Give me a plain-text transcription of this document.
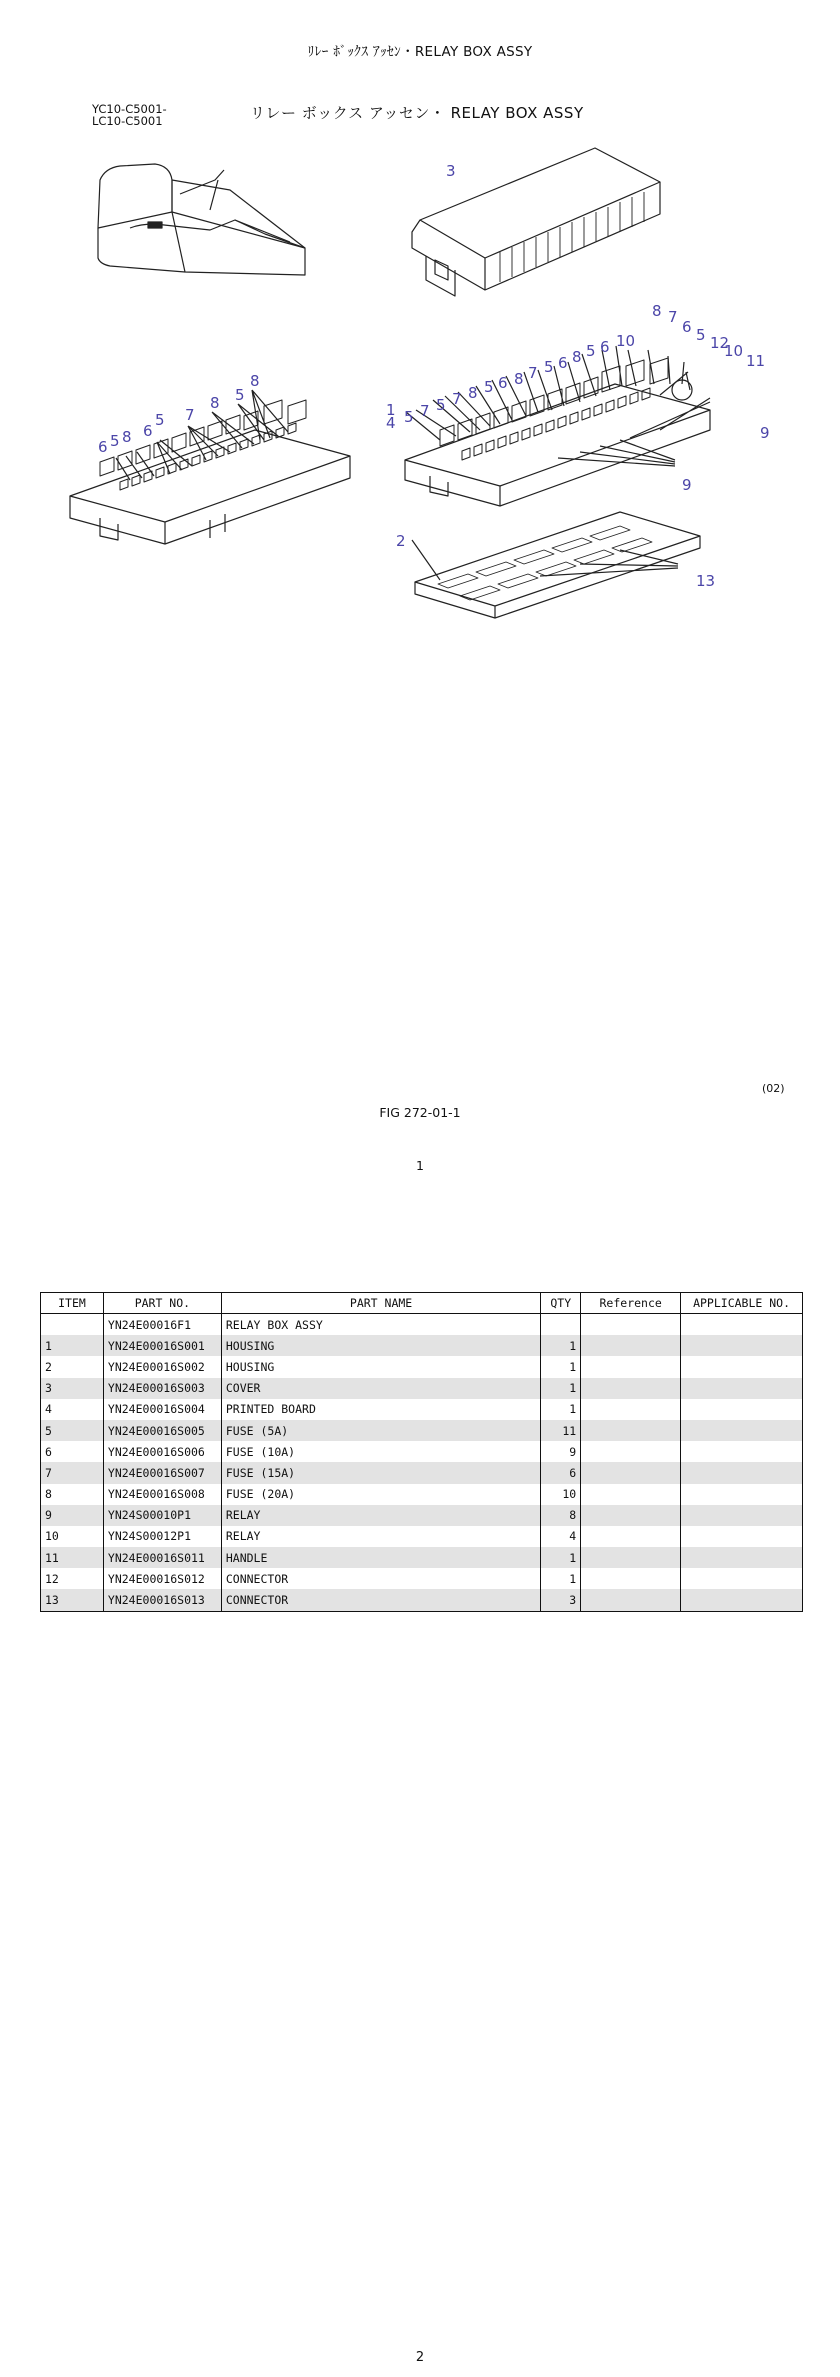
ﾘﾚｰ ﾎﾞｯｸｽ ｱｯｾﾝ・RELAY BOX ASSY
YC10-C5001-
LC10-C5001	リレー ボックス アッセン・ RELAY BOX ASSY
6 5 8 6
5 7
8 5
8
3
1
4 5 7 5 7 8 5 6 8 7 5 6 8 5 6 10
8 7
6 5 12
10
11
9
9
2
13
(02)
FIG 272-01-1
1
ITEM	PART NO.	PART NAME	QTY	Reference	APPLICABLE NO.
	YN24E00016F1	RELAY BOX ASSY			
1	YN24E00016S001	HOUSING	1		
2	YN24E00016S002	HOUSING	1		
3	YN24E00016S003	COVER	1		
4	YN24E00016S004	PRINTED BOARD	1		
5	YN24E00016S005	FUSE (5A)	11		
6	YN24E00016S006	FUSE (10A)	9		
7	YN24E00016S007	FUSE (15A)	6		
8	YN24E00016S008	FUSE (20A)	10		
9	YN24S00010P1	RELAY	8		
10	YN24S00012P1	RELAY	4		
11	YN24E00016S011	HANDLE	1		
12	YN24E00016S012	CONNECTOR	1		
13	YN24E00016S013	CONNECTOR	3		
2
